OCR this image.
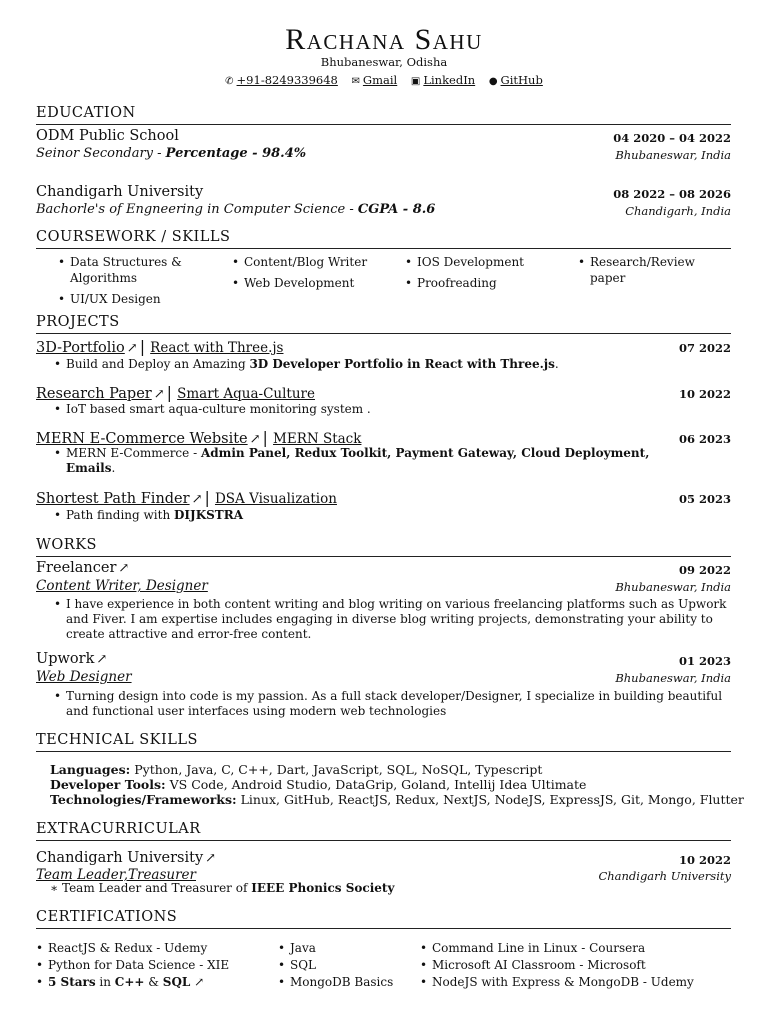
Rachana Sahu
Bhubaneswar, Odisha
✆ +91-8249339648 ✉ Gmail ▣ LinkedIn ● GitHub
EDUCATION
ODM Public School	04 2020 – 04 2022
Seinor Secondary - Percentage - 98.4%	Bhubaneswar, India
Chandigarh University	08 2022 – 08 2026
Bachorle's of Engneering in Computer Science - CGPA - 8.6	Chandigarh, India
COURSEWORK / SKILLS
• Data Structures & Algorithms
• UI/UX Desigen
• Content/Blog Writer
• Web Development
• IOS Development
• Proofreading
• Research/Review paper
PROJECTS
3D-Portfolio ↗ | React with Three.js	07 2022
• Build and Deploy an Amazing 3D Developer Portfolio in React with Three.js.
Research Paper ↗ | Smart Aqua-Culture	10 2022
• IoT based smart aqua-culture monitoring system .
MERN E-Commerce Website ↗ | MERN Stack	06 2023
• MERN E-Commerce - Admin Panel, Redux Toolkit, Payment Gateway, Cloud Deployment,
Emails.
Shortest Path Finder ↗ | DSA Visualization	05 2023
• Path finding with DIJKSTRA
WORKS
Freelancer ↗	09 2022
Content Writer, Designer	Bhubaneswar, India
• I have experience in both content writing and blog writing on various freelancing platforms such as Upwork
and Fiver. I am expertise includes engaging in diverse blog writing projects, demonstrating your ability to
create attractive and error-free content.
Upwork ↗	01 2023
Web Designer	Bhubaneswar, India
• Turning design into code is my passion. As a full stack developer/Designer, I specialize in building beautiful
and functional user interfaces using modern web technologies
TECHNICAL SKILLS
Languages: Python, Java, C, C++, Dart, JavaScript, SQL, NoSQL, Typescript
Developer Tools: VS Code, Android Studio, DataGrip, Goland, Intellij Idea Ultimate
Technologies/Frameworks: Linux, GitHub, ReactJS, Redux, NextJS, NodeJS, ExpressJS, Git, Mongo, Flutter
EXTRACURRICULAR
Chandigarh University ↗	10 2022
Team Leader,Treasurer	Chandigarh University
∗ Team Leader and Treasurer of IEEE Phonics Society
CERTIFICATIONS
• ReactJS & Redux - Udemy
• Python for Data Science - XIE
• 5 Stars in C++ & SQL ↗
• Java
• SQL
• MongoDB Basics
• Command Line in Linux - Coursera
• Microsoft AI Classroom - Microsoft
• NodeJS with Express & MongoDB - Udemy
